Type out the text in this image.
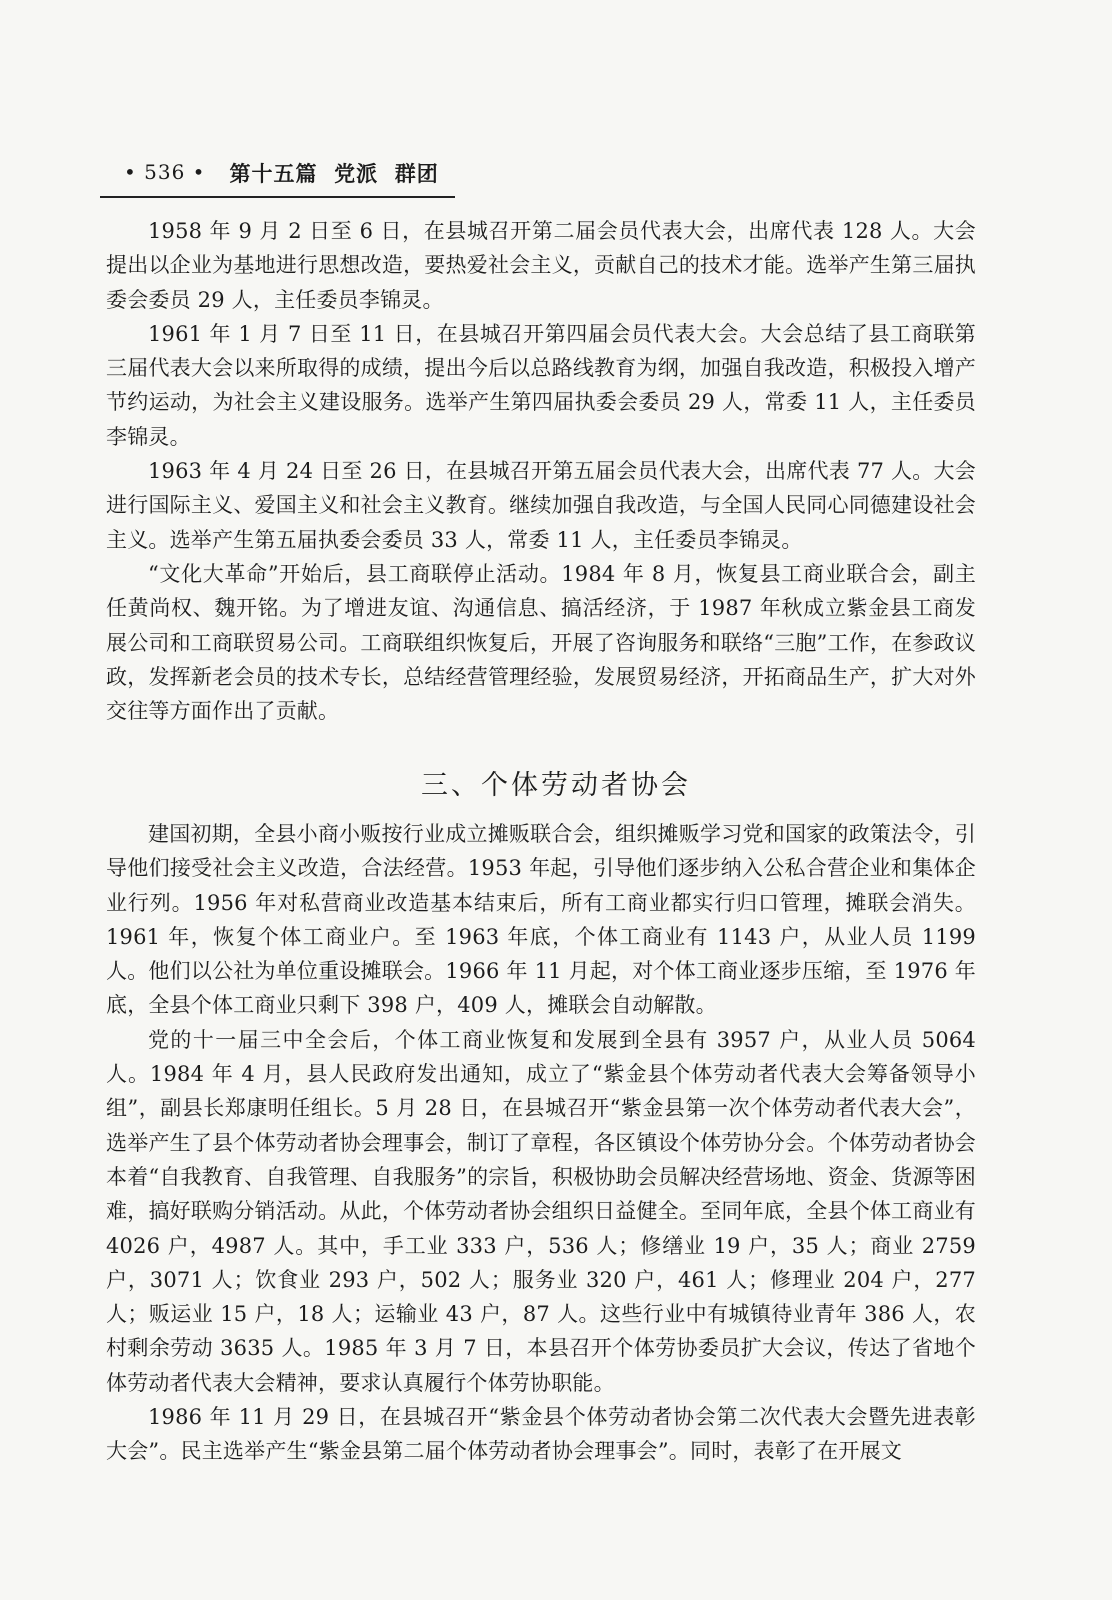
• 536 • 第十五篇  党派  群团

1958 年 9 月 2 日至 6 日，在县城召开第二届会员代表大会，出席代表 128 人。大会提出以企业为基地进行思想改造，要热爱社会主义，贡献自己的技术才能。选举产生第三届执委会委员 29 人，主任委员李锦灵。

1961 年 1 月 7 日至 11 日，在县城召开第四届会员代表大会。大会总结了县工商联第三届代表大会以来所取得的成绩，提出今后以总路线教育为纲，加强自我改造，积极投入增产节约运动，为社会主义建设服务。选举产生第四届执委会委员 29 人，常委 11 人，主任委员李锦灵。

1963 年 4 月 24 日至 26 日，在县城召开第五届会员代表大会，出席代表 77 人。大会进行国际主义、爱国主义和社会主义教育。继续加强自我改造，与全国人民同心同德建设社会主义。选举产生第五届执委会委员 33 人，常委 11 人，主任委员李锦灵。

“文化大革命”开始后，县工商联停止活动。1984 年 8 月，恢复县工商业联合会，副主任黄尚权、魏开铭。为了增进友谊、沟通信息、搞活经济，于 1987 年秋成立紫金县工商发展公司和工商联贸易公司。工商联组织恢复后，开展了咨询服务和联络“三胞”工作，在参政议政，发挥新老会员的技术专长，总结经营管理经验，发展贸易经济，开拓商品生产，扩大对外交往等方面作出了贡献。

三、个体劳动者协会

建国初期，全县小商小贩按行业成立摊贩联合会，组织摊贩学习党和国家的政策法令，引导他们接受社会主义改造，合法经营。1953 年起，引导他们逐步纳入公私合营企业和集体企业行列。1956 年对私营商业改造基本结束后，所有工商业都实行归口管理，摊联会消失。1961 年，恢复个体工商业户。至 1963 年底，个体工商业有 1143 户，从业人员 1199 人。他们以公社为单位重设摊联会。1966 年 11 月起，对个体工商业逐步压缩，至 1976 年底，全县个体工商业只剩下 398 户，409 人，摊联会自动解散。

党的十一届三中全会后，个体工商业恢复和发展到全县有 3957 户，从业人员 5064 人。1984 年 4 月，县人民政府发出通知，成立了“紫金县个体劳动者代表大会筹备领导小组”，副县长郑康明任组长。5 月 28 日，在县城召开“紫金县第一次个体劳动者代表大会”，选举产生了县个体劳动者协会理事会，制订了章程，各区镇设个体劳协分会。个体劳动者协会本着“自我教育、自我管理、自我服务”的宗旨，积极协助会员解决经营场地、资金、货源等困难，搞好联购分销活动。从此，个体劳动者协会组织日益健全。至同年底，全县个体工商业有 4026 户，4987 人。其中，手工业 333 户，536 人；修缮业 19 户，35 人；商业 2759 户，3071 人；饮食业 293 户，502 人；服务业 320 户，461 人；修理业 204 户，277 人；贩运业 15 户，18 人；运输业 43 户，87 人。这些行业中有城镇待业青年 386 人，农村剩余劳动 3635 人。1985 年 3 月 7 日，本县召开个体劳协委员扩大会议，传达了省地个体劳动者代表大会精神，要求认真履行个体劳协职能。

1986 年 11 月 29 日，在县城召开“紫金县个体劳动者协会第二次代表大会暨先进表彰大会”。民主选举产生“紫金县第二届个体劳动者协会理事会”。同时，表彰了在开展文
